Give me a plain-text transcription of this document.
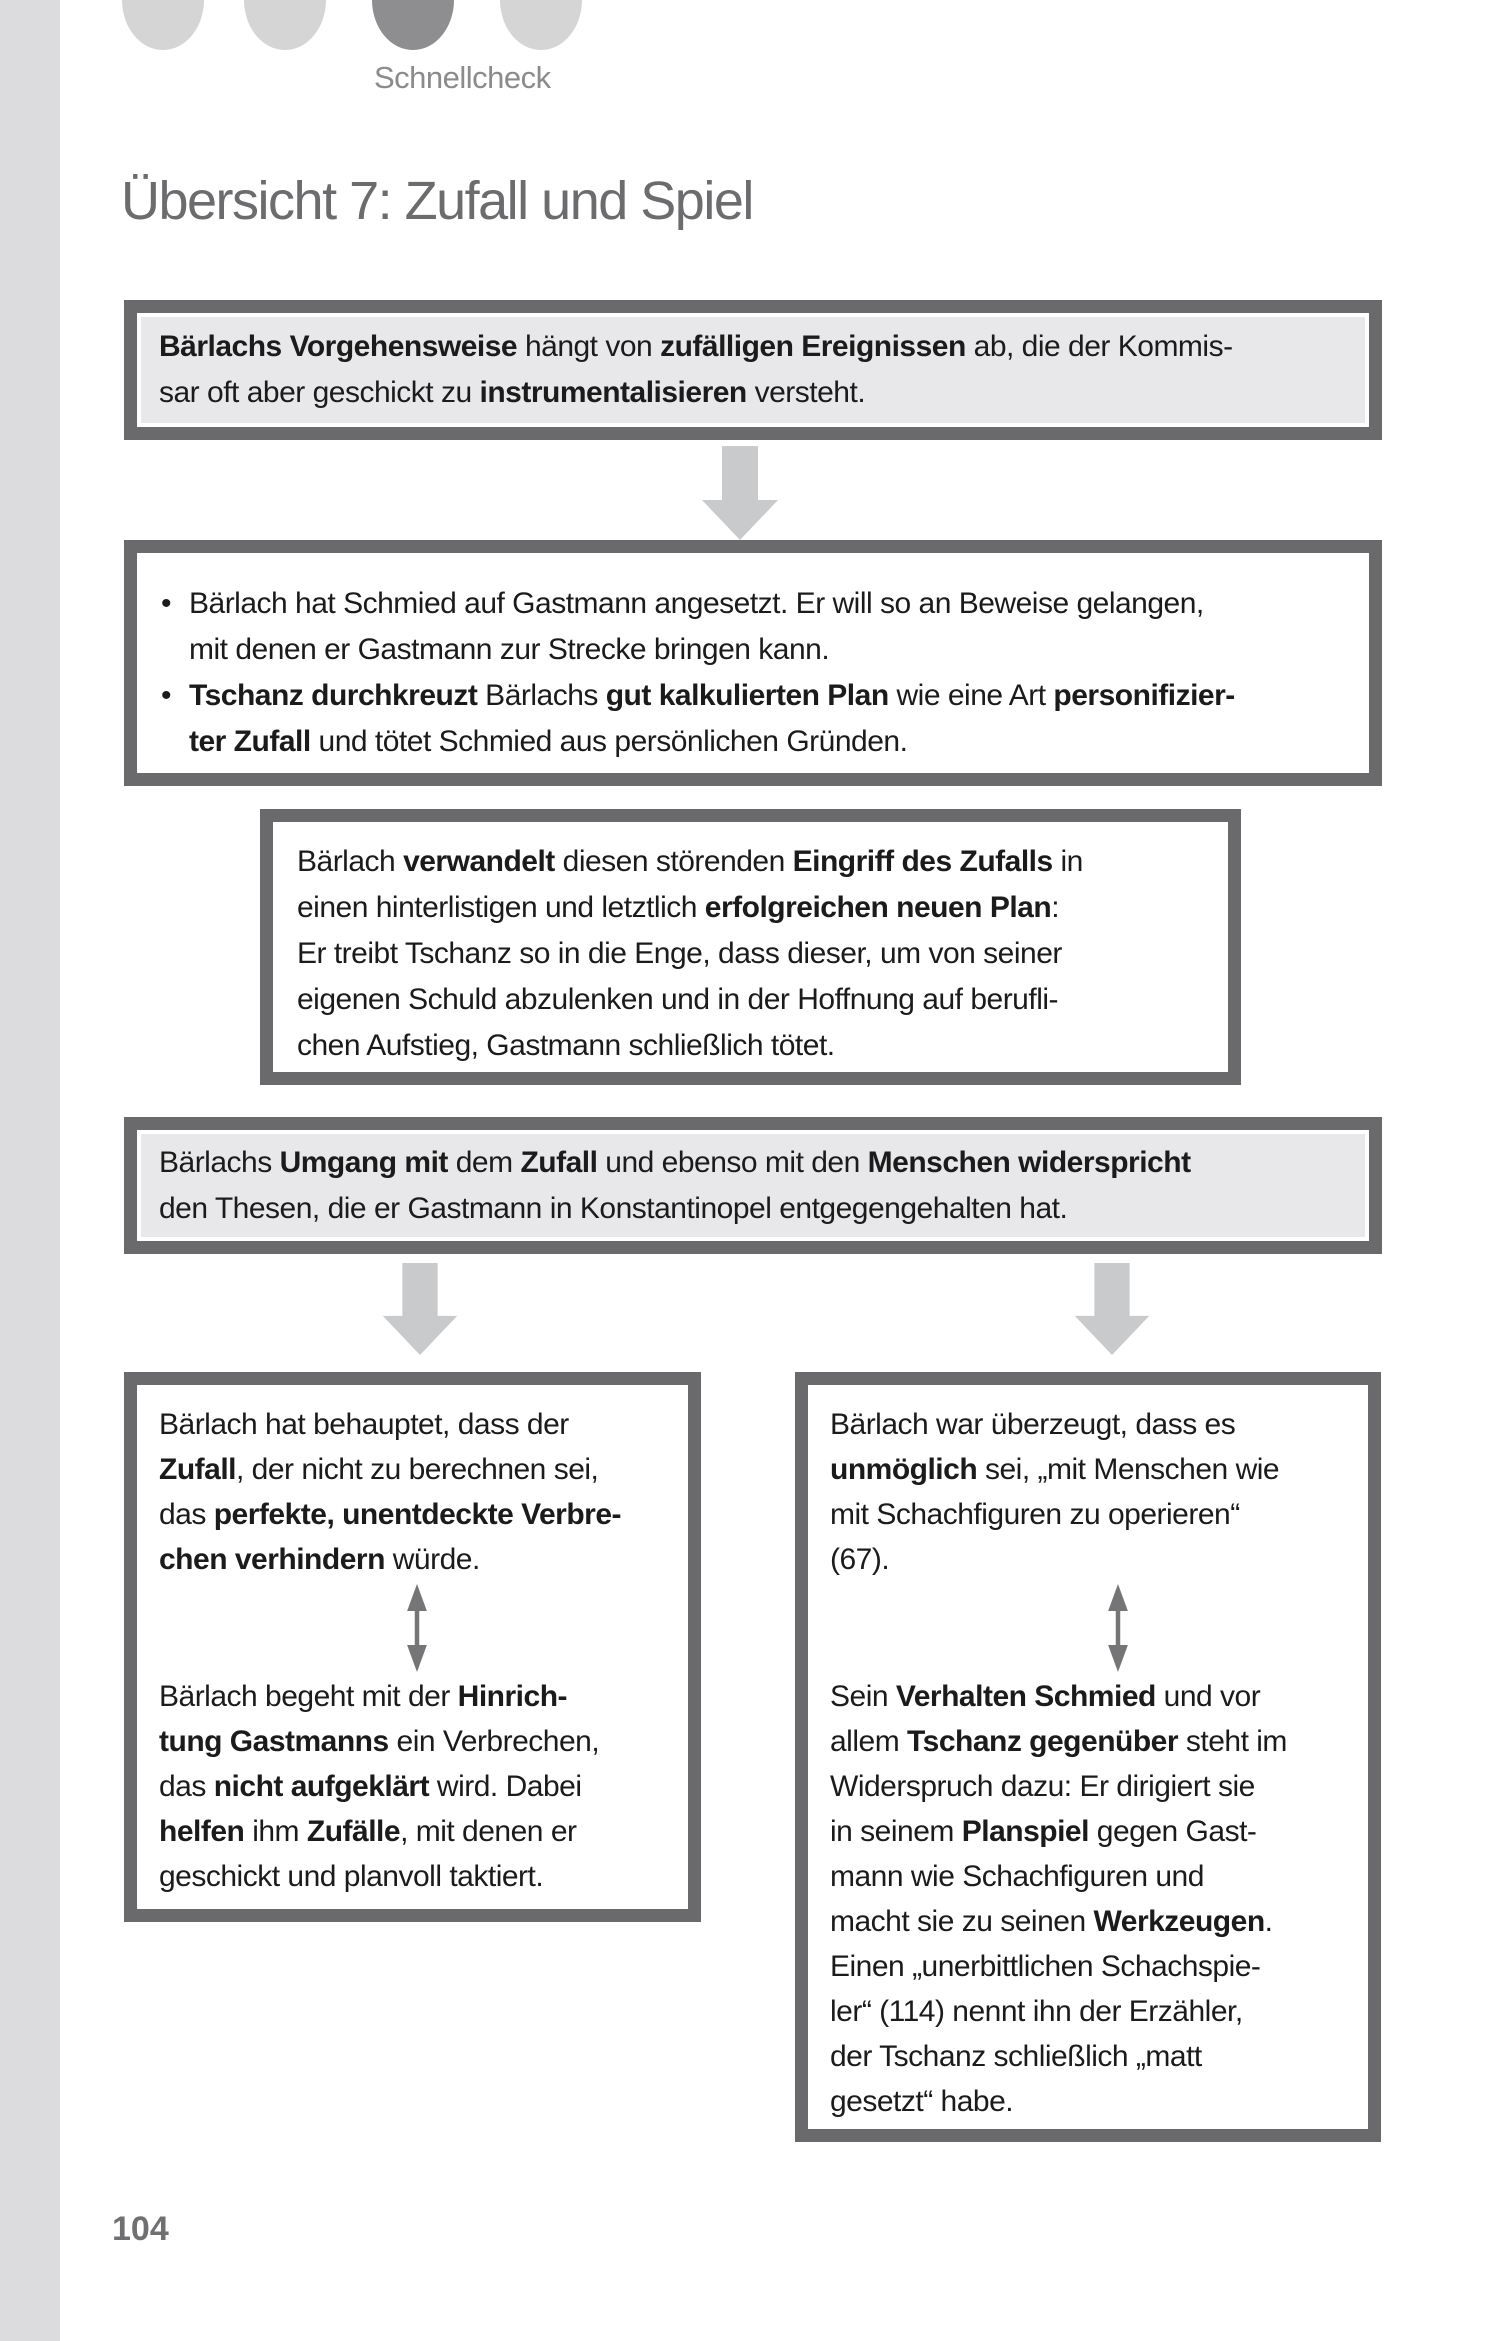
Schnellcheck
Übersicht 7: Zufall und Spiel
Bärlachs Vorgehensweise hängt von zufälligen Ereignissen ab, die der Kommis-
sar oft aber geschickt zu instrumentalisieren versteht.
• Bärlach hat Schmied auf Gastmann angesetzt. Er will so an Beweise gelangen,
mit denen er Gastmann zur Strecke bringen kann.
• Tschanz durchkreuzt Bärlachs gut kalkulierten Plan wie eine Art personifizier-
ter Zufall und tötet Schmied aus persönlichen Gründen.
Bärlach verwandelt diesen störenden Eingriff des Zufalls in
einen hinterlistigen und letztlich erfolgreichen neuen Plan:
Er treibt Tschanz so in die Enge, dass dieser, um von seiner
eigenen Schuld abzulenken und in der Hoffnung auf berufli-
chen Aufstieg, Gastmann schließlich tötet.
Bärlachs Umgang mit dem Zufall und ebenso mit den Menschen widerspricht
den Thesen, die er Gastmann in Konstantinopel entgegengehalten hat.
Bärlach hat behauptet, dass der
Zufall, der nicht zu berechnen sei,
das perfekte, unentdeckte Verbre-
chen verhindern würde.
Bärlach begeht mit der Hinrich-
tung Gastmanns ein Verbrechen,
das nicht aufgeklärt wird. Dabei
helfen ihm Zufälle, mit denen er
geschickt und planvoll taktiert.
Bärlach war überzeugt, dass es
unmöglich sei, „mit Menschen wie
mit Schachfiguren zu operieren“
(67).
Sein Verhalten Schmied und vor
allem Tschanz gegenüber steht im
Widerspruch dazu: Er dirigiert sie
in seinem Planspiel gegen Gast-
mann wie Schachfiguren und
macht sie zu seinen Werkzeugen.
Einen „unerbittlichen Schachspie-
ler“ (114) nennt ihn der Erzähler,
der Tschanz schließlich „matt
gesetzt“ habe.
104
